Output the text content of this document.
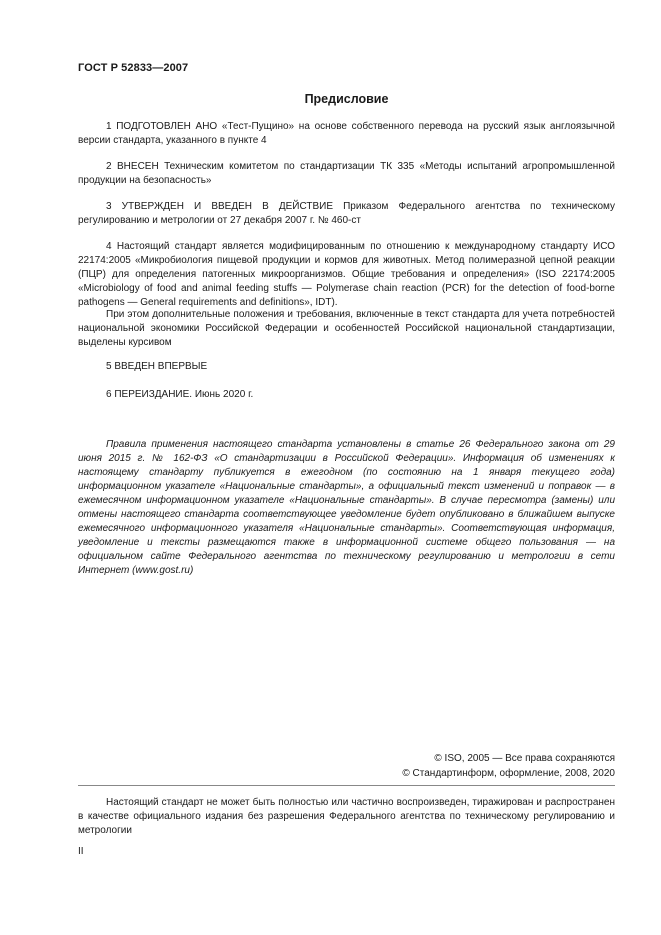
ГОСТ Р 52833—2007
Предисловие
1 ПОДГОТОВЛЕН АНО «Тест-Пущино» на основе собственного перевода на русский язык англоязычной версии стандарта, указанного в пункте 4
2 ВНЕСЕН Техническим комитетом по стандартизации ТК 335 «Методы испытаний агропромышленной продукции на безопасность»
3 УТВЕРЖДЕН И ВВЕДЕН В ДЕЙСТВИЕ Приказом Федерального агентства по техническому регулированию и метрологии от 27 декабря 2007 г. № 460-ст
4 Настоящий стандарт является модифицированным по отношению к международному стандарту ИСО 22174:2005 «Микробиология пищевой продукции и кормов для животных. Метод полимеразной цепной реакции (ПЦР) для определения патогенных микроорганизмов. Общие требования и определения» (ISO 22174:2005 «Microbiology of food and animal feeding stuffs — Polymerase chain reaction (PCR) for the detection of food-borne pathogens — General requirements and definitions», IDT).
При этом дополнительные положения и требования, включенные в текст стандарта для учета потребностей национальной экономики Российской Федерации и особенностей Российской национальной стандартизации, выделены курсивом
5 ВВЕДЕН ВПЕРВЫЕ
6 ПЕРЕИЗДАНИЕ. Июнь 2020 г.
Правила применения настоящего стандарта установлены в статье 26 Федерального закона от 29 июня 2015 г. № 162-ФЗ «О стандартизации в Российской Федерации». Информация об изменениях к настоящему стандарту публикуется в ежегодном (по состоянию на 1 января текущего года) информационном указателе «Национальные стандарты», а официальный текст изменений и поправок — в ежемесячном информационном указателе «Национальные стандарты». В случае пересмотра (замены) или отмены настоящего стандарта соответствующее уведомление будет опубликовано в ближайшем выпуске ежемесячного информационного указателя «Национальные стандарты». Соответствующая информация, уведомление и тексты размещаются также в информационной системе общего пользования — на официальном сайте Федерального агентства по техническому регулированию и метрологии в сети Интернет (www.gost.ru)
© ISO, 2005 — Все права сохраняются
© Стандартинформ, оформление, 2008, 2020
Настоящий стандарт не может быть полностью или частично воспроизведен, тиражирован и распространен в качестве официального издания без разрешения Федерального агентства по техническому регулированию и метрологии
II
